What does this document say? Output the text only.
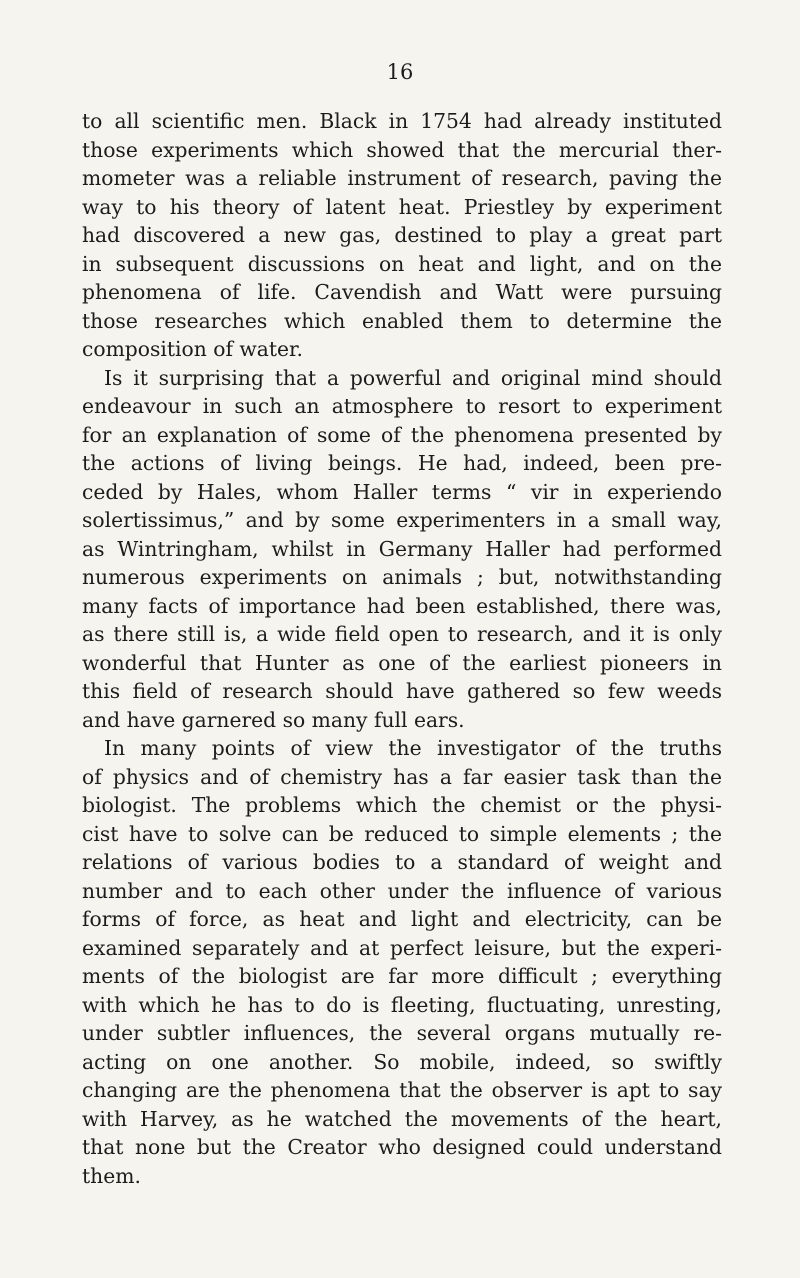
16
to all scientific men. Black in 1754 had already instituted
those experiments which showed that the mercurial ther-
mometer was a reliable instrument of research, paving the
way to his theory of latent heat. Priestley by experiment
had discovered a new gas, destined to play a great part
in subsequent discussions on heat and light, and on the
phenomena of life. Cavendish and Watt were pursuing
those researches which enabled them to determine the
composition of water.
Is it surprising that a powerful and original mind should
endeavour in such an atmosphere to resort to experiment
for an explanation of some of the phenomena presented by
the actions of living beings. He had, indeed, been pre-
ceded by Hales, whom Haller terms “ vir in experiendo
solertissimus,” and by some experimenters in a small way,
as Wintringham, whilst in Germany Haller had performed
numerous experiments on animals ; but, notwithstanding
many facts of importance had been established, there was,
as there still is, a wide field open to research, and it is only
wonderful that Hunter as one of the earliest pioneers in
this field of research should have gathered so few weeds
and have garnered so many full ears.
In many points of view the investigator of the truths
of physics and of chemistry has a far easier task than the
biologist. The problems which the chemist or the physi-
cist have to solve can be reduced to simple elements ; the
relations of various bodies to a standard of weight and
number and to each other under the influence of various
forms of force, as heat and light and electricity, can be
examined separately and at perfect leisure, but the experi-
ments of the biologist are far more difficult ; everything
with which he has to do is fleeting, fluctuating, unresting,
under subtler influences, the several organs mutually re-
acting on one another. So mobile, indeed, so swiftly
changing are the phenomena that the observer is apt to say
with Harvey, as he watched the movements of the heart,
that none but the Creator who designed could understand
them.
